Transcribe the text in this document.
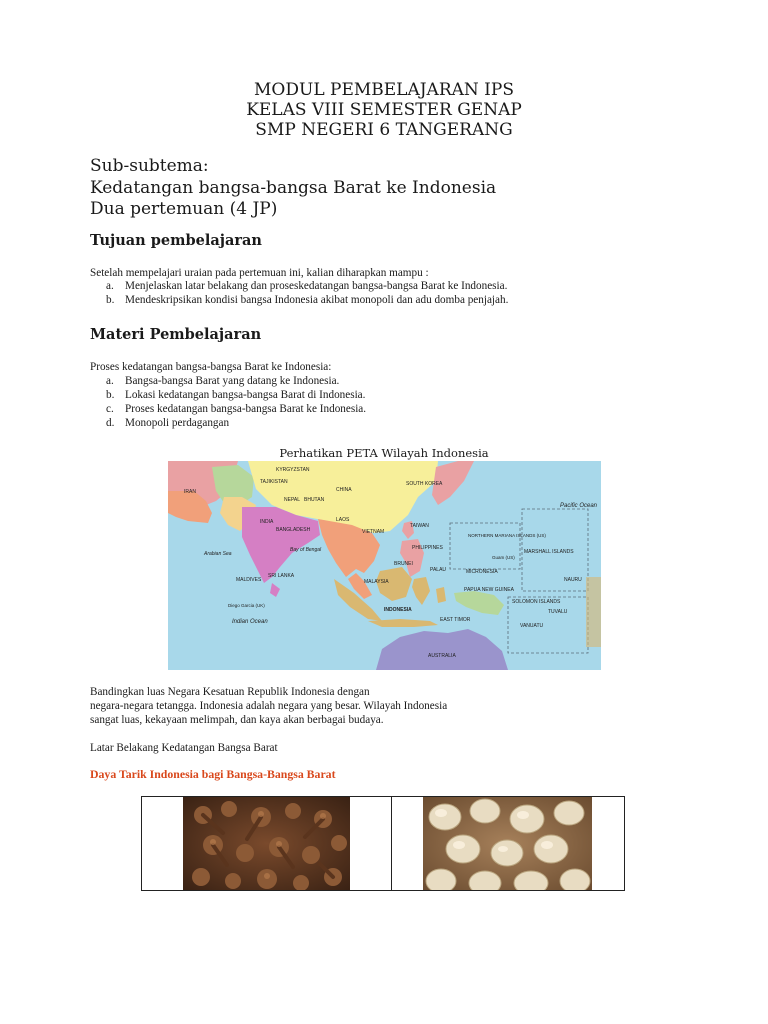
MODUL PEMBELAJARAN IPS
KELAS VIII SEMESTER GENAP
SMP NEGERI 6 TANGERANG
Sub-subtema:
Kedatangan bangsa-bangsa Barat ke Indonesia
Dua pertemuan (4 JP)
Tujuan pembelajaran
Setelah mempelajari uraian pada pertemuan ini, kalian diharapkan mampu :
a.	Menjelaskan latar belakang dan proseskedatangan bangsa-bangsa Barat ke Indonesia.
b. Mendeskripsikan kondisi bangsa Indonesia akibat monopoli dan adu domba penjajah.
Materi Pembelajaran
Proses kedatangan bangsa-bangsa Barat ke Indonesia:
a.	Bangsa-bangsa Barat yang datang ke Indonesia.
b. Lokasi kedatangan bangsa-bangsa Barat di Indonesia.
c.	Proses kedatangan bangsa-bangsa Barat ke Indonesia.
d. Monopoli perdagangan
Perhatikan PETA Wilayah Indonesia
KYRGYZSTAN
TAJIKISTAN
CHINA
IRAN
NEPAL BHUTAN
INDIA
BANGLADESH
LAOS
VIETNAM
Arabian Sea
Bay of Bengal
SOUTH KOREA
TAIWAN
PHILIPPINES
SRI LANKA
MALDIVES	MALAYSIA
BRUNEI
INDONESIA
EAST TIMOR
PALAU	MICRONESIA
MARSHALL ISLANDS
PAPUA NEW GUINEA
SOLOMON ISLANDS
VANUATU
TUVALU
NAURU
AUSTRALIA
Indian Ocean
Pacific Ocean
Diego Garcia (UK)
Guam (US)
NORTHERN MARIANA ISLANDS (US)
Bandingkan luas Negara Kesatuan Republik Indonesia dengan
negara-negara tetangga. Indonesia adalah negara yang besar. Wilayah Indonesia
sangat luas, kekayaan melimpah, dan kaya akan berbagai budaya.
Latar Belakang Kedatangan Bangsa Barat
Daya Tarik Indonesia bagi Bangsa-Bangsa Barat
